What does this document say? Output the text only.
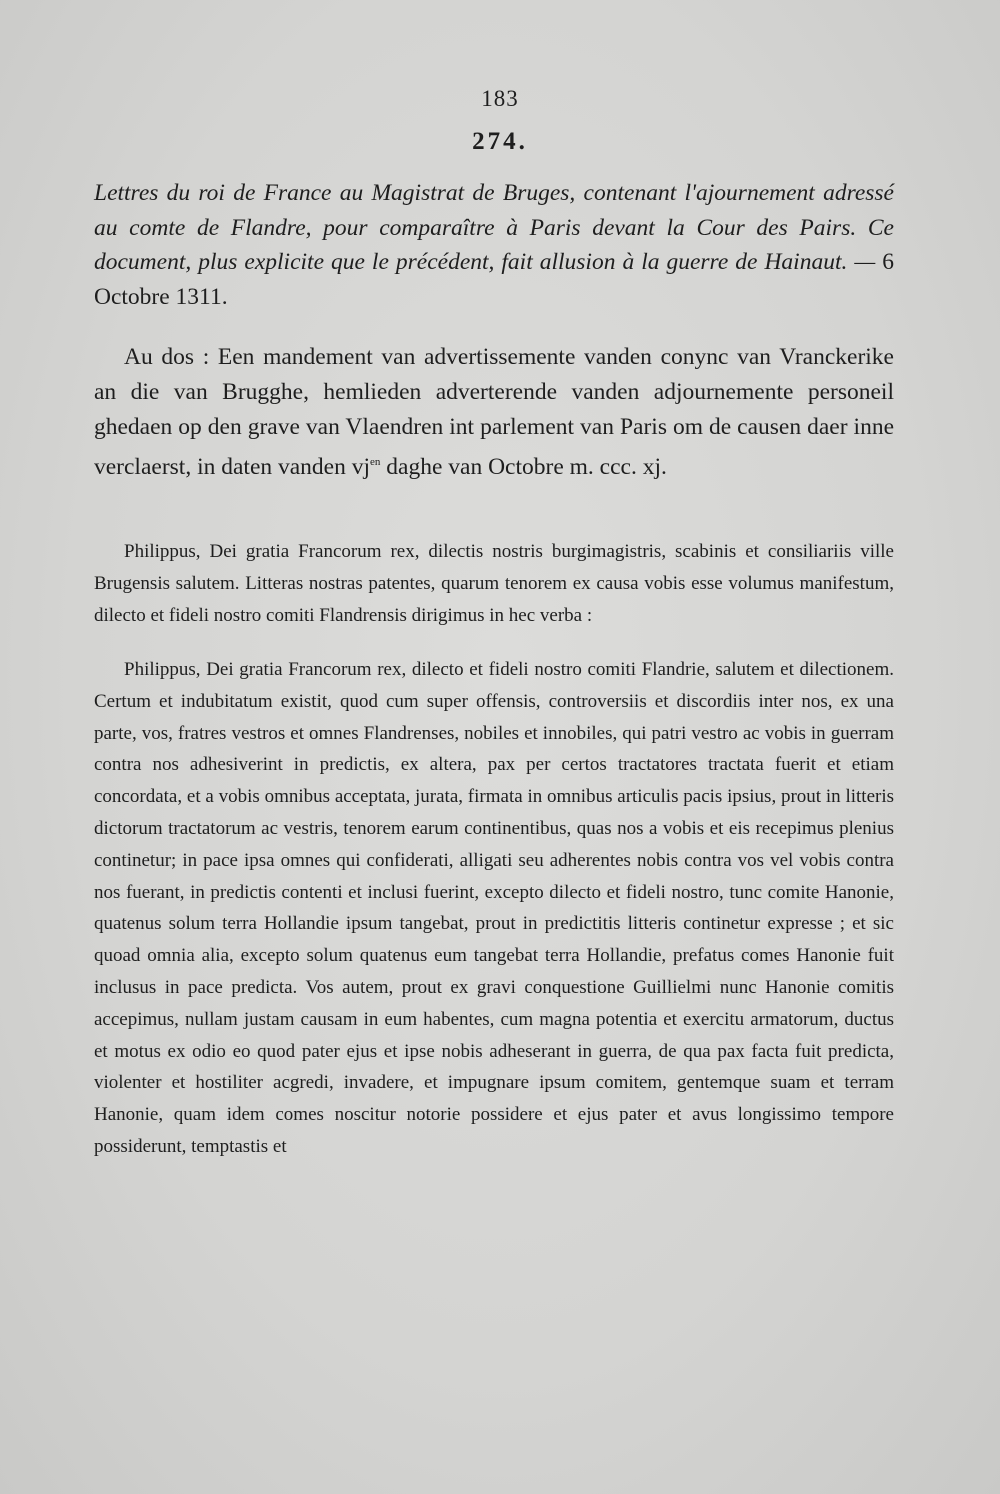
183
274.
Lettres du roi de France au Magistrat de Bruges, contenant l'ajournement adressé au comte de Flandre, pour comparaître à Paris devant la Cour des Pairs. Ce document, plus explicite que le précédent, fait allusion à la guerre de Hainaut. — 6 Octobre 1311.
Au dos : Een mandement van advertissemente vanden conync van Vranckerike an die van Brugghe, hemlieden adverterende vanden adjournemente personeil ghedaen op den grave van Vlaendren int parlement van Paris om de causen daer inne verclaerst, in daten vanden $vj^{en}$ daghe van Octobre m. ccc. xj.
Philippus, Dei gratia Francorum rex, dilectis nostris burgimagistris, scabinis et consiliariis ville Brugensis salutem. Litteras nostras patentes, quarum tenorem ex causa vobis esse volumus manifestum, dilecto et fideli nostro comiti Flandrensis dirigimus in hec verba :
Philippus, Dei gratia Francorum rex, dilecto et fideli nostro comiti Flandrie, salutem et dilectionem. Certum et indubitatum existit, quod cum super offensis, controversiis et discordiis inter nos, ex una parte, vos, fratres vestros et omnes Flandrenses, nobiles et innobiles, qui patri vestro ac vobis in guerram contra nos adhesiverint in predictis, ex altera, pax per certos tractatores tractata fuerit et etiam concordata, et a vobis omnibus acceptata, jurata, firmata in omnibus articulis pacis ipsius, prout in litteris dictorum tractatorum ac vestris, tenorem earum continentibus, quas nos a vobis et eis recepimus plenius continetur; in pace ipsa omnes qui confiderati, alligati seu adherentes nobis contra vos vel vobis contra nos fuerant, in predictis contenti et inclusi fuerint, excepto dilecto et fideli nostro, tunc comite Hanonie, quatenus solum terra Hollandie ipsum tangebat, prout in predictitis litteris continetur expresse ; et sic quoad omnia alia, excepto solum quatenus eum tangebat terra Hollandie, prefatus comes Hanonie fuit inclusus in pace predicta. Vos autem, prout ex gravi conquestione Guillielmi nunc Hanonie comitis accepimus, nullam justam causam in eum habentes, cum magna potentia et exercitu armatorum, ductus et motus ex odio eo quod pater ejus et ipse nobis adheserant in guerra, de qua pax facta fuit predicta, violenter et hostiliter acgredi, invadere, et impugnare ipsum comitem, gentemque suam et terram Hanonie, quam idem comes noscitur notorie possidere et ejus pater et avus longissimo tempore possiderunt, temptastis et
